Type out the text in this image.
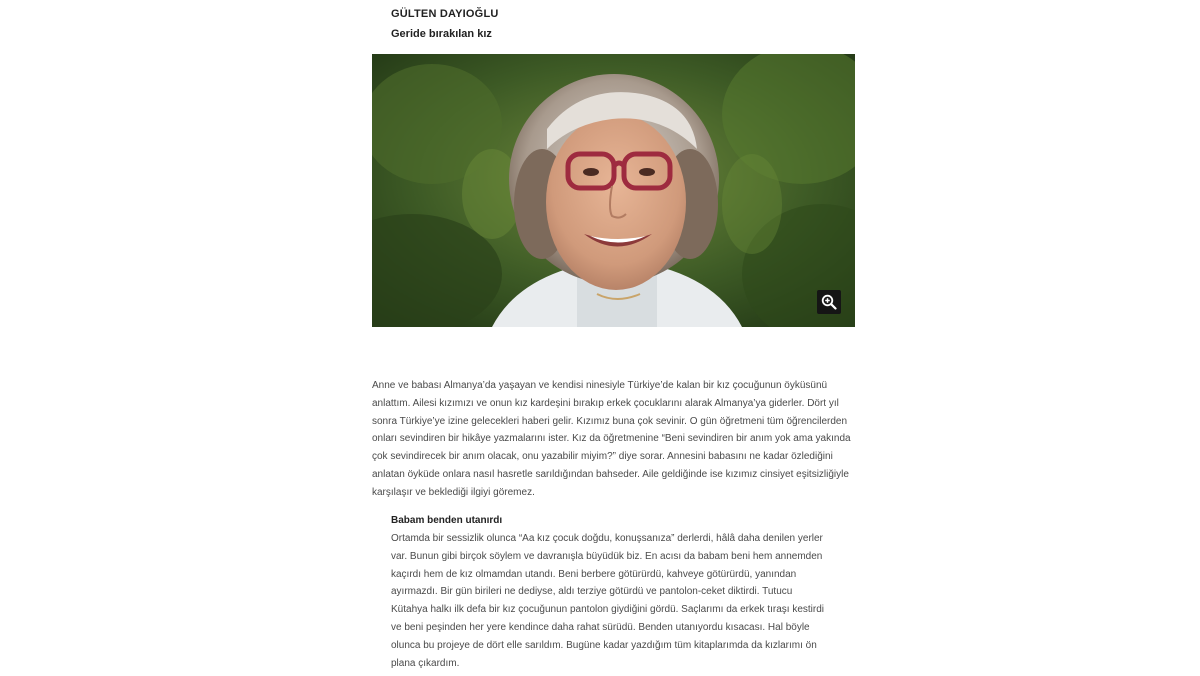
GÜLTEN DAYIOĞLU
Geride bırakılan kız

Anne ve babası Almanya’da yaşayan ve kendisi ninesiyle Türkiye’de kalan bir kız çocuğunun öyküsünü anlattım. Ailesi kızımızı ve onun kız kardeşini bırakıp erkek çocuklarını alarak Almanya’ya giderler. Dört yıl sonra Türkiye’ye izine gelecekleri haberi gelir. Kızımız buna çok sevinir. O gün öğretmeni tüm öğrencilerden onları sevindiren bir hikâye yazmalarını ister. Kız da öğretmenine “Beni sevindiren bir anım yok ama yakında çok sevindirecek bir anım olacak, onu yazabilir miyim?” diye sorar. Annesini babasını ne kadar özlediğini anlatan öyküde onlara nasıl hasretle sarıldığından bahseder. Aile geldiğinde ise kızımız cinsiyet eşitsizliğiyle karşılaşır ve beklediği ilgiyi göremez.

Babam benden utanırdı

Ortamda bir sessizlik olunca “Aa kız çocuk doğdu, konuşsanıza” derlerdi, hâlâ daha denilen yerler var. Bunun gibi birçok söylem ve davranışla büyüdük biz. En acısı da babam beni hem annemden kaçırdı hem de kız olmamdan utandı. Beni berbere götürürdü, kahveye götürürdü, yanından ayırmazdı. Bir gün birileri ne dediyse, aldı terziye götürdü ve pantolon-ceket diktirdi. Tutucu Kütahya halkı ilk defa bir kız çocuğunun pantolon giydiğini gördü. Saçlarımı da erkek tıraşı kestirdi ve beni peşinden her yere kendince daha rahat sürüdü. Benden utanıyordu kısacası. Hal böyle olunca bu projeye de dört elle sarıldım. Bugüne kadar yazdığım tüm kitaplarımda da kızlarımı ön plana çıkardım.
